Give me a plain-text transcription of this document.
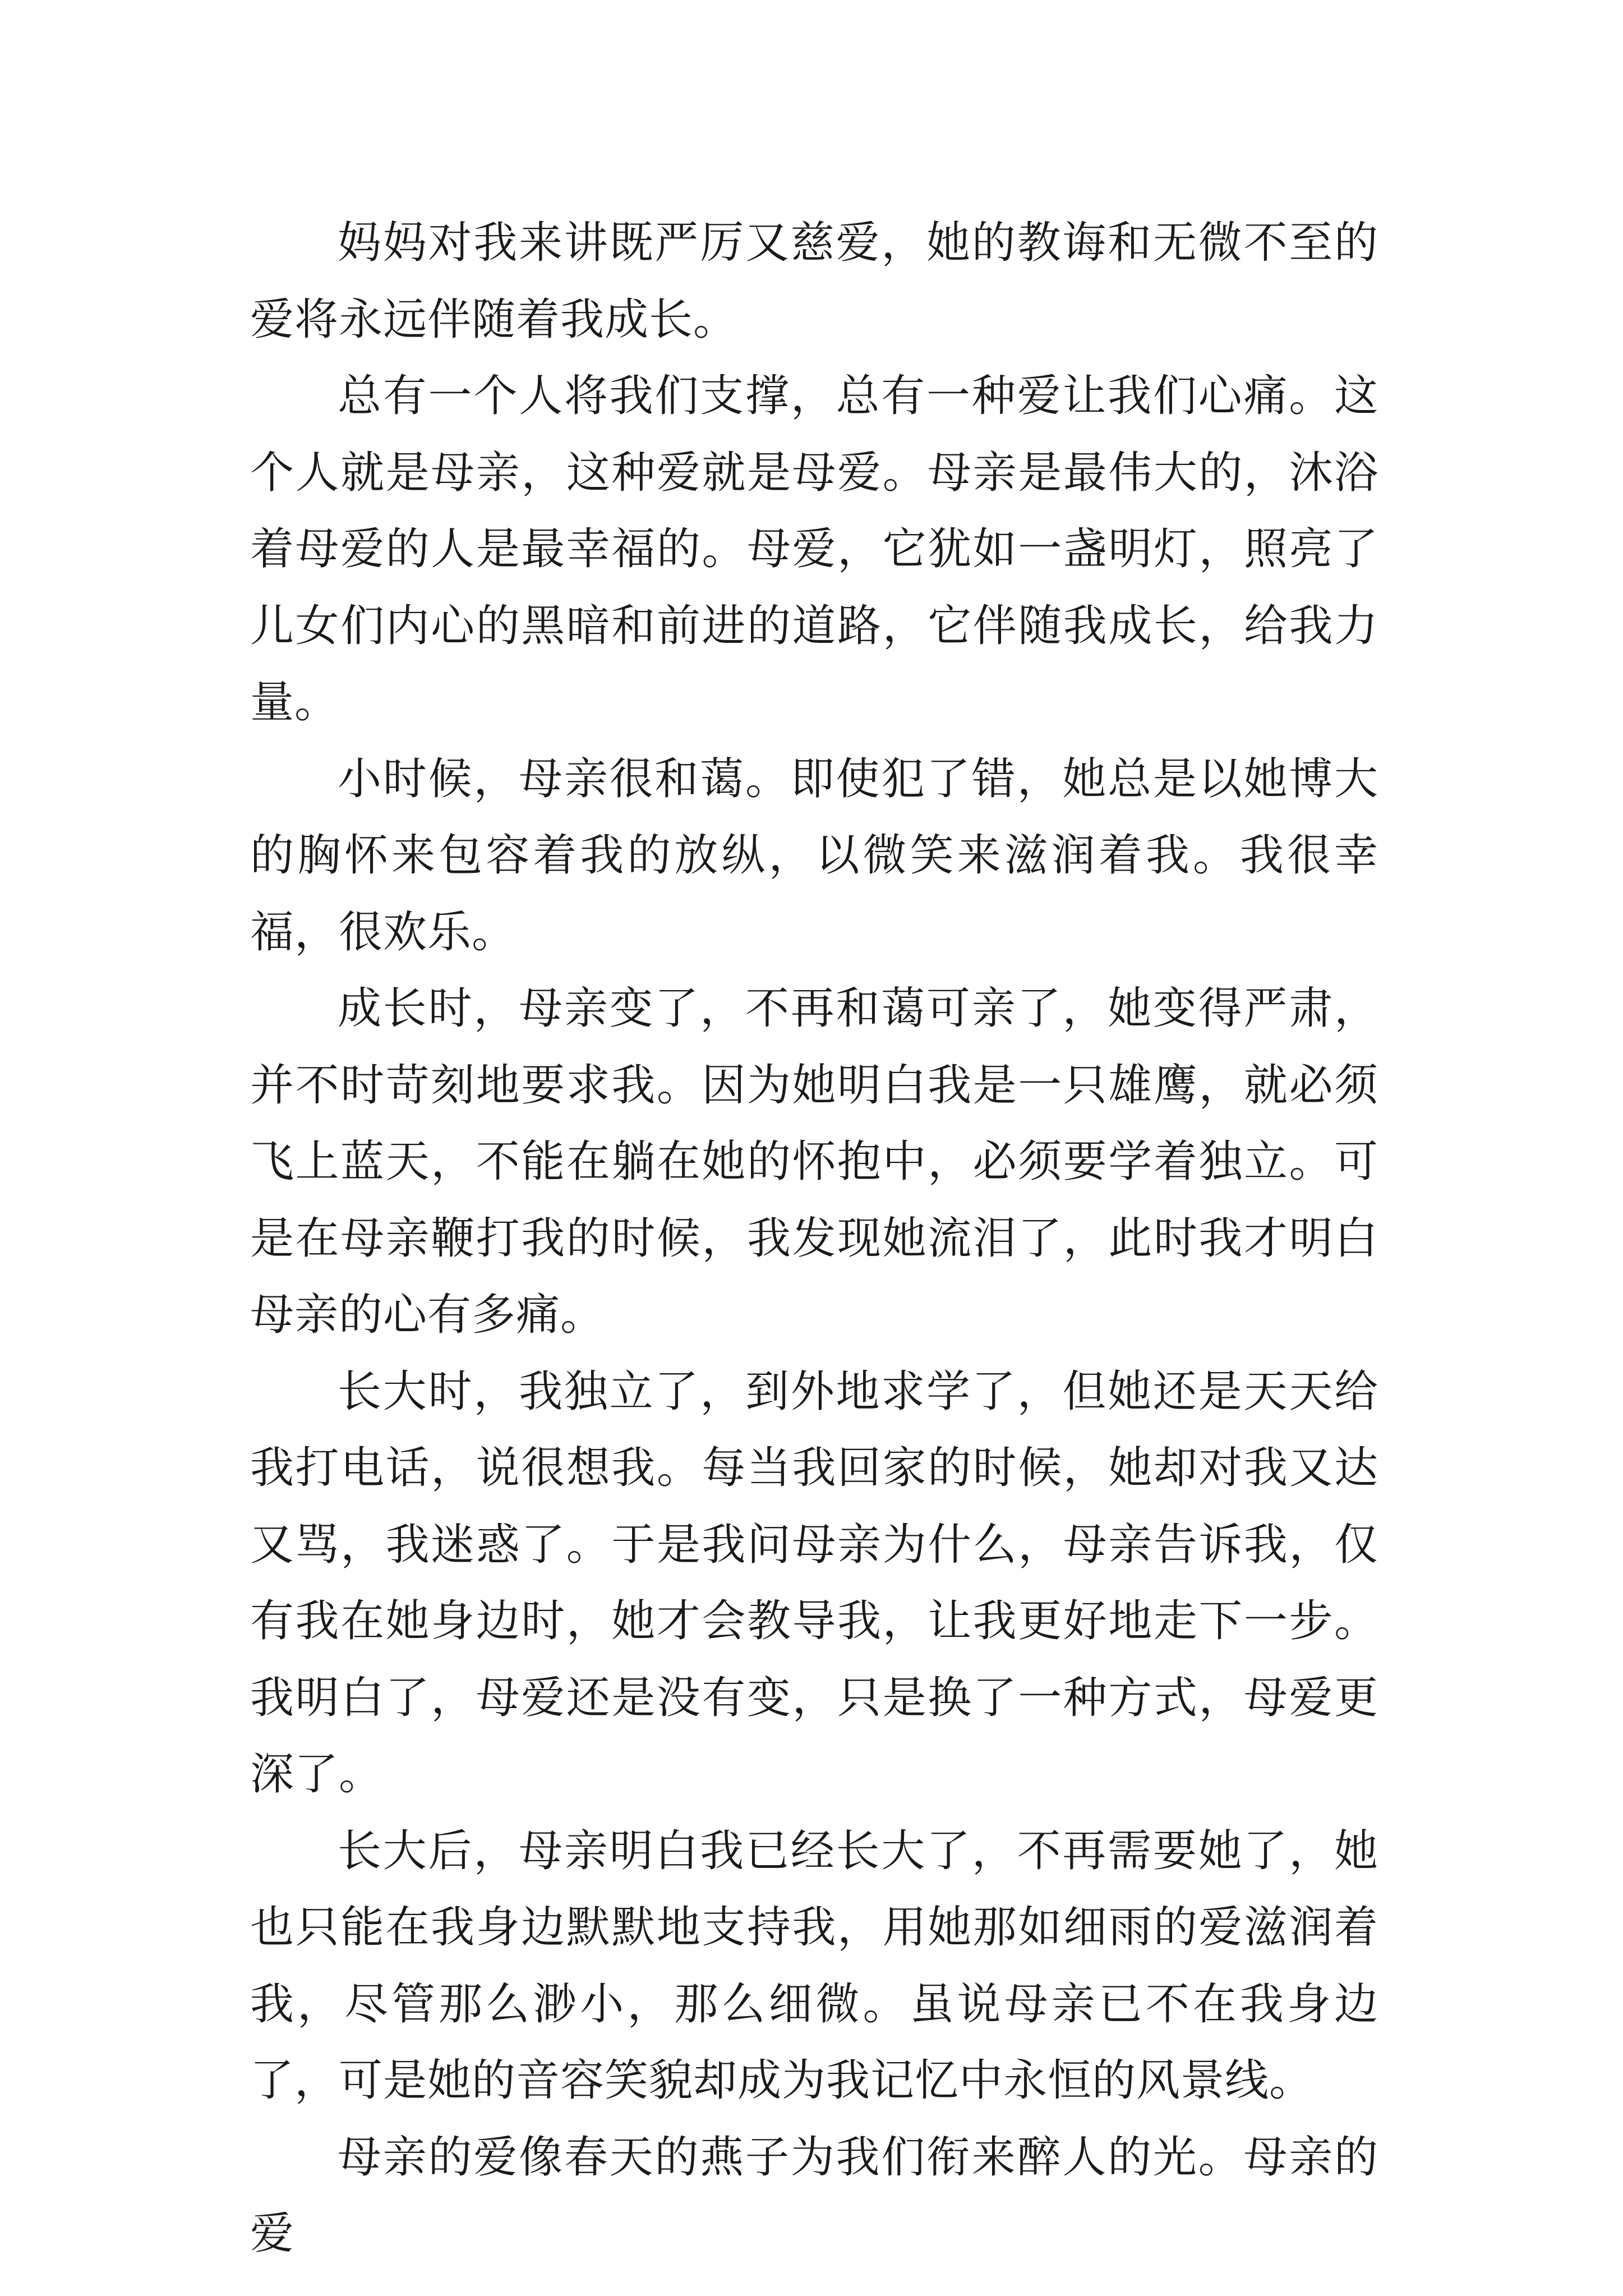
妈妈对我来讲既严厉又慈爱，她的教诲和无微不至的爱将永远伴随着我成长。

总有一个人将我们支撑，总有一种爱让我们心痛。这个人就是母亲，这种爱就是母爱。母亲是最伟大的，沐浴着母爱的人是最幸福的。母爱，它犹如一盏明灯，照亮了儿女们内心的黑暗和前进的道路，它伴随我成长，给我力量。

小时候，母亲很和蔼。即使犯了错，她总是以她博大的胸怀来包容着我的放纵，以微笑来滋润着我。我很幸福，很欢乐。

成长时，母亲变了，不再和蔼可亲了，她变得严肃，并不时苛刻地要求我。因为她明白我是一只雄鹰，就必须飞上蓝天，不能在躺在她的怀抱中，必须要学着独立。可是在母亲鞭打我的时候，我发现她流泪了，此时我才明白母亲的心有多痛。

长大时，我独立了，到外地求学了，但她还是天天给我打电话，说很想我。每当我回家的时候，她却对我又达又骂，我迷惑了。于是我问母亲为什么，母亲告诉我，仅有我在她身边时，她才会教导我，让我更好地走下一步。我明白了，母爱还是没有变，只是换了一种方式，母爱更深了。

长大后，母亲明白我已经长大了，不再需要她了，她也只能在我身边默默地支持我，用她那如细雨的爱滋润着我，尽管那么渺小，那么细微。虽说母亲已不在我身边了，可是她的音容笑貌却成为我记忆中永恒的风景线。

母亲的爱像春天的燕子为我们衔来醉人的光。母亲的爱
